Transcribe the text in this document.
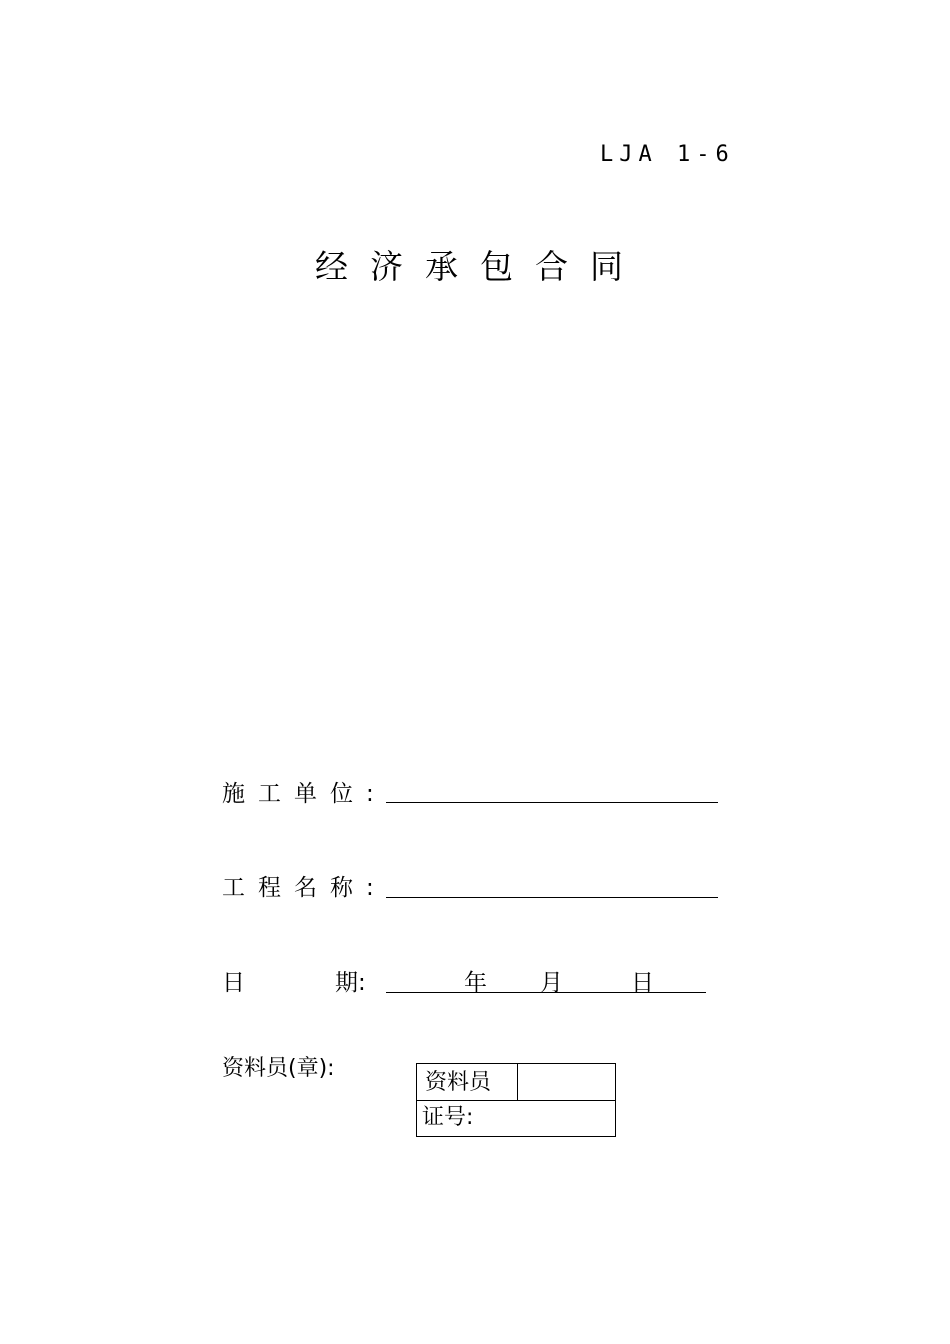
LJA 1-6
经济承包合同
施工单位:
工程名称:
日	期:	年 月	日
资料员(章):
资料员
证号:
